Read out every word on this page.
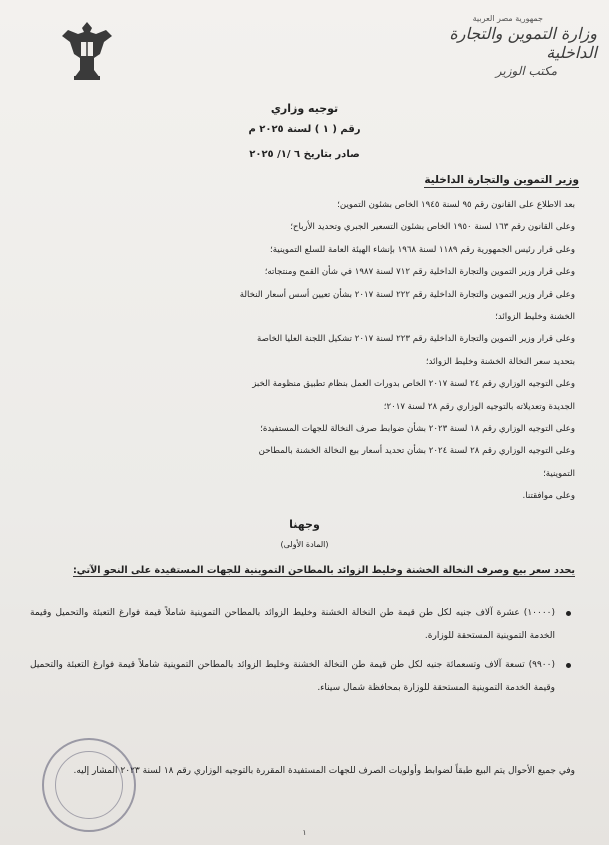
جمهورية مصر العربية
وزارة التموين والتجارة الداخلية
مكتب الوزير
توجيه وزاري
رقم ( ١ ) لسنة ٢٠٢٥ م
صادر بتاريخ ٦ /١/ ٢٠٢٥
وزير التموين والتجارة الداخلية
بعد الاطلاع على القانون رقم ٩٥ لسنة ١٩٤٥ الخاص بشئون التموين؛
وعلى القانون رقم ١٦٣ لسنة ١٩٥٠ الخاص بشئون التسعير الجبري وتحديد الأرباح؛
وعلى قرار رئيس الجمهورية رقم ١١٨٩ لسنة ١٩٦٨ بإنشاء الهيئة العامة للسلع التموينية؛
وعلى قرار وزير التموين والتجارة الداخلية رقم ٧١٢ لسنة ١٩٨٧ في شأن القمح ومنتجاته؛
وعلى قرار وزير التموين والتجارة الداخلية رقم ٢٢٢ لسنة ٢٠١٧ بشأن تعيين أسس أسعار النخالة
الخشنة وخليط الزوائد؛
وعلى قرار وزير التموين والتجارة الداخلية رقم ٢٢٣ لسنة ٢٠١٧ تشكيل اللجنة العليا الخاصة
بتحديد سعر النخالة الخشنة وخليط الزوائد؛
وعلى التوجيه الوزاري رقم ٢٤ لسنة ٢٠١٧ الخاص بدورات العمل بنظام تطبيق منظومة الخبز
الجديدة وتعديلاته بالتوجيه الوزاري رقم ٢٨ لسنة ٢٠١٧؛
وعلى التوجيه الوزاري رقم ١٨ لسنة ٢٠٢٣ بشأن ضوابط صرف النخالة للجهات المستفيدة؛
وعلى التوجيه الوزاري رقم ٢٨ لسنة ٢٠٢٤ بشأن تحديد أسعار بيع النخالة الخشنة بالمطاحن
التموينية؛
وعلى موافقتنا.
وجهنا
(المادة الأولى)
يحدد سعر بيع وصرف النخالة الخشنة وخليط الزوائد بالمطاحن التموينية للجهات المستفيدة على النحو الآتي:
(١٠٠٠٠) عشرة آلاف جنيه لكل طن قيمة طن النخالة الخشنة وخليط الزوائد بالمطاحن التموينية شاملاً قيمة فوارغ التعبئة والتحميل وقيمة الخدمة التموينية المستحقة للوزارة.
(٩٩٠٠) تسعة آلاف وتسعمائة جنيه لكل طن قيمة طن النخالة الخشنة وخليط الزوائد بالمطاحن التموينية شاملاً قيمة فوارغ التعبئة والتحميل وقيمة الخدمة التموينية المستحقة للوزارة بمحافظة شمال سيناء.
وفي جميع الأحوال يتم البيع طبقاً لضوابط وأولويات الصرف للجهات المستفيدة المقررة بالتوجيه الوزاري رقم ١٨ لسنة ٢٠٢٣ المشار إليه.
١
